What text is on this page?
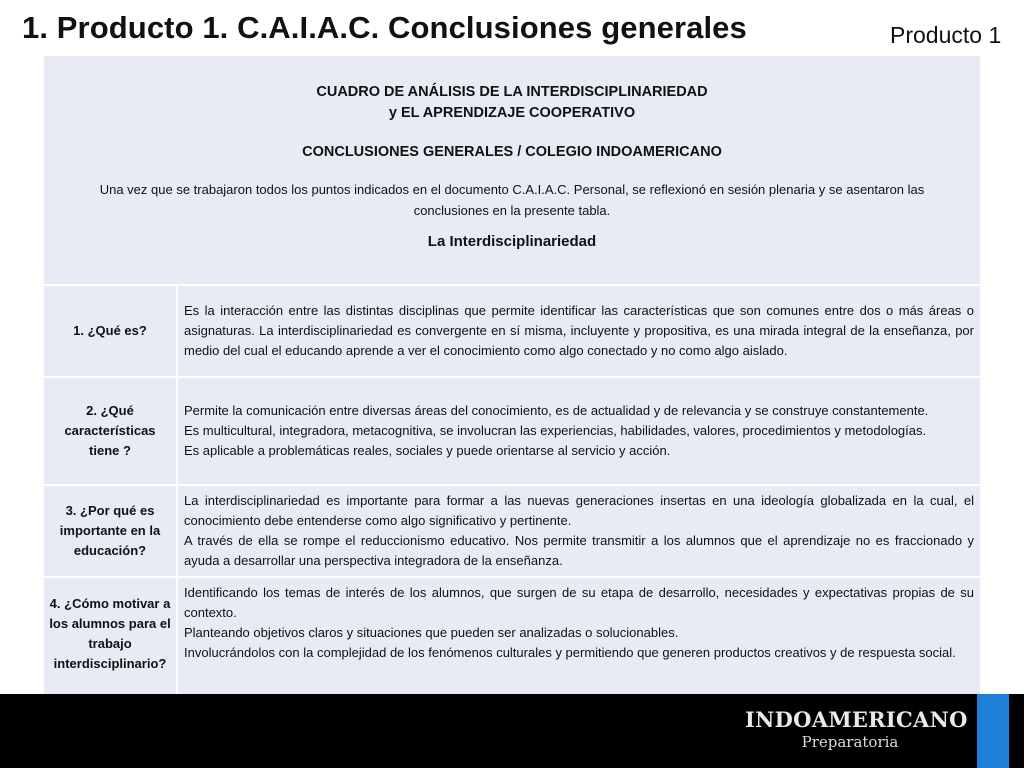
1. Producto 1. C.A.I.A.C. Conclusiones generales	Producto 1
CUADRO DE ANÁLISIS DE LA INTERDISCIPLINARIEDAD
y EL APRENDIZAJE COOPERATIVO
CONCLUSIONES GENERALES / COLEGIO INDOAMERICANO
Una vez que se trabajaron todos los puntos indicados en el documento C.A.I.A.C. Personal, se reflexionó en sesión plenaria y se asentaron las conclusiones en la presente tabla.
La Interdisciplinariedad
1. ¿Qué es?	Es la interacción entre las distintas disciplinas que permite identificar las características que son comunes entre dos o más áreas o asignaturas. La interdisciplinariedad es convergente en sí misma, incluyente y propositiva, es una mirada integral de la enseñanza, por medio del cual el educando aprende a ver el conocimiento como algo conectado y no como algo aislado.

2. ¿Qué características tiene ?	Permite la comunicación entre diversas áreas del conocimiento, es de actualidad y de relevancia y se construye constantemente.
Es multicultural, integradora, metacognitiva, se involucran las experiencias, habilidades, valores, procedimientos y metodologías.
Es aplicable a problemáticas reales, sociales y puede orientarse al servicio y acción.

3. ¿Por qué es importante en la educación?	La interdisciplinariedad es importante para formar a las nuevas generaciones insertas en una ideología globalizada en la cual, el conocimiento debe entenderse como algo significativo y pertinente.
A través de ella se rompe el reduccionismo educativo. Nos permite transmitir a los alumnos que el aprendizaje no es fraccionado y ayuda a desarrollar una perspectiva integradora de la enseñanza.

4. ¿Cómo motivar a los alumnos para el trabajo interdisciplinario?	Identificando los temas de interés de los alumnos, que surgen de su etapa de desarrollo, necesidades y expectativas propias de su contexto.
Planteando objetivos claros y situaciones que pueden ser analizadas o solucionables.
Involucrándolos con la complejidad de los fenómenos culturales y permitiendo que generen productos creativos y de respuesta social.
INDOAMERICANO
Preparatoria
